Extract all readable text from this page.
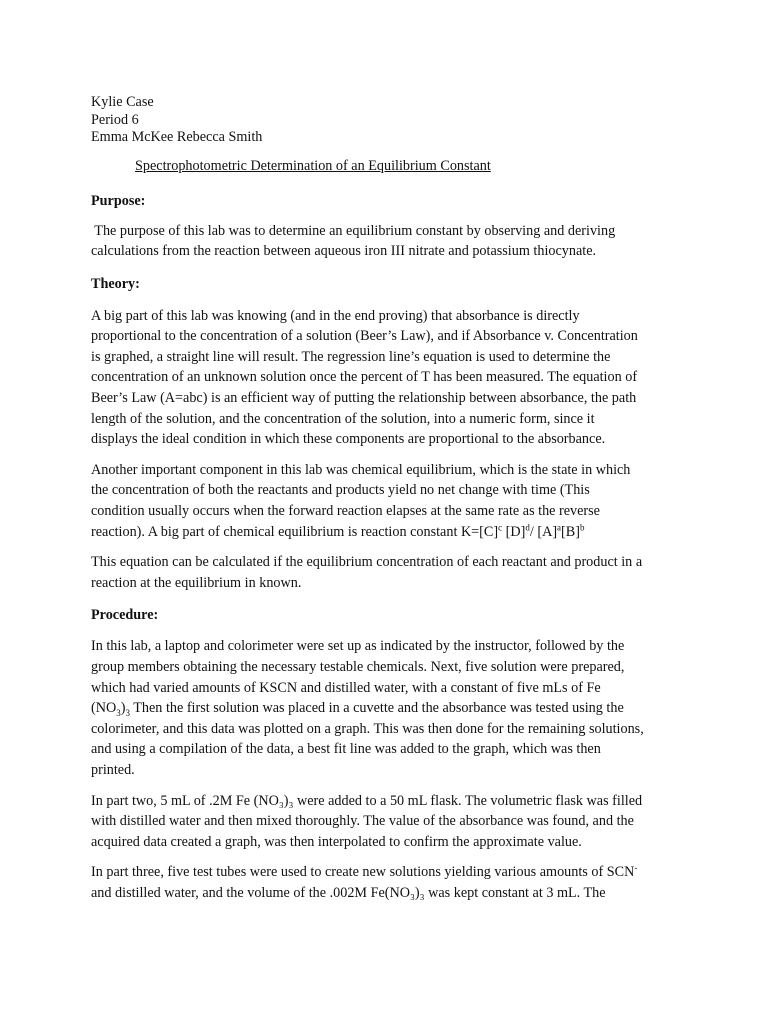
Kylie Case

Period 6

Emma McKee Rebecca Smith

Spectrophotometric Determination of an Equilibrium Constant

Purpose:

The purpose of this lab was to determine an equilibrium constant by observing and deriving
calculations from the reaction between aqueous iron III nitrate and potassium thiocynate.

Theory:

A big part of this lab was knowing (and in the end proving) that absorbance is directly
proportional to the concentration of a solution (Beer’s Law), and if Absorbance v. Concentration
is graphed, a straight line will result. The regression line’s equation is used to determine the
concentration of an unknown solution once the percent of T has been measured. The equation of
Beer’s Law (A=abc) is an efficient way of putting the relationship between absorbance, the path
length of the solution, and the concentration of the solution, into a numeric form, since it
displays the ideal condition in which these components are proportional to the absorbance.

Another important component in this lab was chemical equilibrium, which is the state in which
the concentration of both the reactants and products yield no net change with time (This
condition usually occurs when the forward reaction elapses at the same rate as the reverse
reaction). A big part of chemical equilibrium is reaction constant $K=[C]^c$ $[D]^d/$ $[A]^a[B]^b$

This equation can be calculated if the equilibrium concentration of each reactant and product in a
reaction at the equilibrium in known.

Procedure:

In this lab, a laptop and colorimeter were set up as indicated by the instructor, followed by the
group members obtaining the necessary testable chemicals. Next, five solution were prepared,
which had varied amounts of KSCN and distilled water, with a constant of five mLs of Fe
$(NO_3)_3$ Then the first solution was placed in a cuvette and the absorbance was tested using the
colorimeter, and this data was plotted on a graph. This was then done for the remaining solutions,
and using a compilation of the data, a best fit line was added to the graph, which was then
printed.

In part two, 5 mL of .2M Fe (NO₃)₃ were added to a 50 mL flask. The volumetric flask was filled
with distilled water and then mixed thoroughly. The value of the absorbance was found, and the
acquired data created a graph, was then interpolated to confirm the approximate value.

In part three, five test tubes were used to create new solutions yielding various amounts of SCN-
and distilled water, and the volume of the .002M Fe(NO₃)₃ was kept constant at 3 mL. The
